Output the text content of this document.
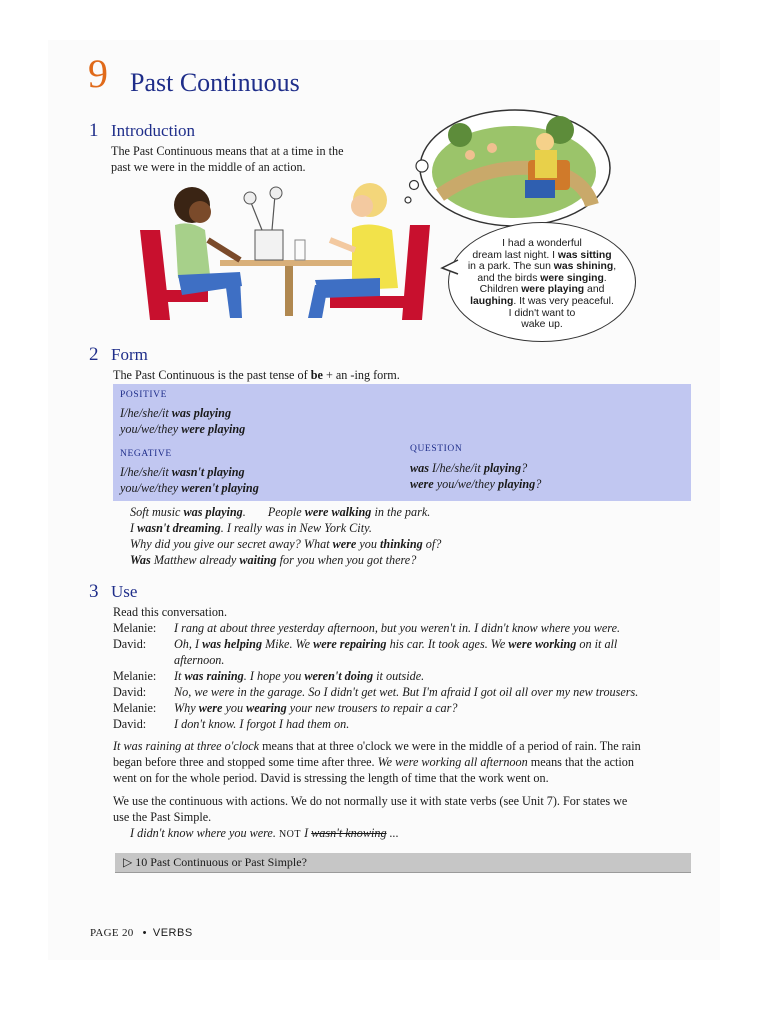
9 Past Continuous
1 Introduction
The Past Continuous means that at a time in the
past we were in the middle of an action.
I had a wonderful
dream last night. I was sitting
in a park. The sun was shining,
and the birds were singing.
Children were playing and
laughing. It was very peaceful.
I didn't want to
wake up.
2 Form
The Past Continuous is the past tense of be + an -ing form.
POSITIVE
I/he/she/it was playing
you/we/they were playing
NEGATIVE
I/he/she/it wasn't playing
you/we/they weren't playing
QUESTION
was I/he/she/it playing?
were you/we/they playing?
Soft music was playing. People were walking in the park.
I wasn't dreaming. I really was in New York City.
Why did you give our secret away? What were you thinking of?
Was Matthew already waiting for you when you got there?
3 Use
Read this conversation.
Melanie: I rang at about three yesterday afternoon, but you weren't in. I didn't know where you were.
David: Oh, I was helping Mike. We were repairing his car. It took ages. We were working on it all
afternoon.
Melanie: It was raining. I hope you weren't doing it outside.
David: No, we were in the garage. So I didn't get wet. But I'm afraid I got oil all over my new trousers.
Melanie: Why were you wearing your new trousers to repair a car?
David: I don't know. I forgot I had them on.
It was raining at three o'clock means that at three o'clock we were in the middle of a period of rain. The rain
began before three and stopped some time after three. We were working all afternoon means that the action
went on for the whole period. David is stressing the length of time that the work went on.
We use the continuous with actions. We do not normally use it with state verbs (see Unit 7). For states we
use the Past Simple.
I didn't know where you were. NOT I wasn't knowing ...
▷ 10 Past Continuous or Past Simple?
PAGE 20 • VERBS
